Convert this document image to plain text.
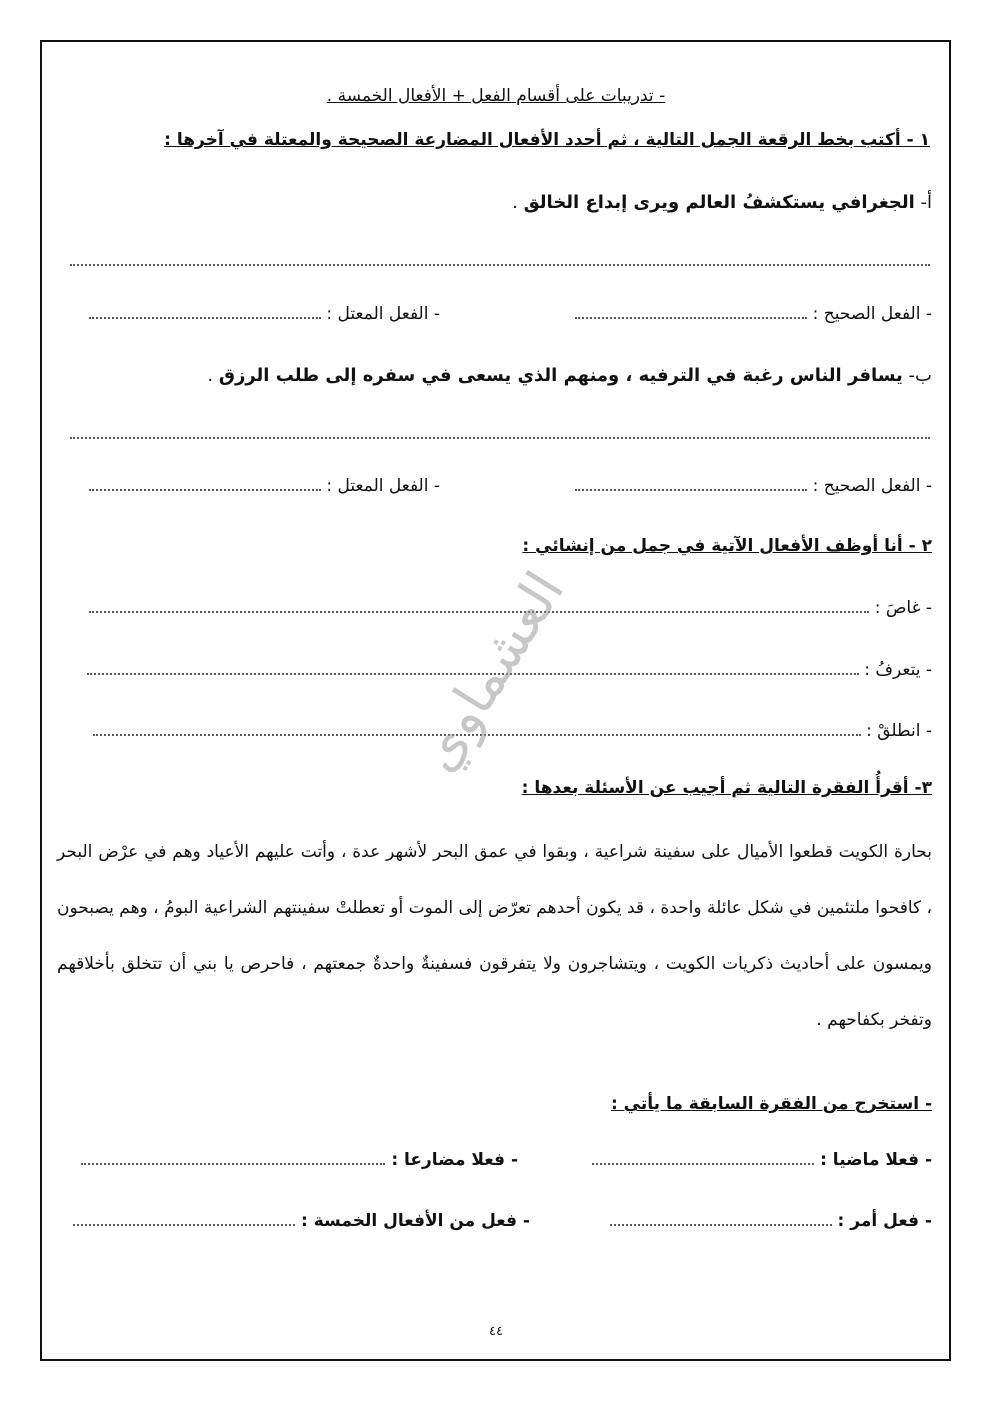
- تدريبات على أقسام الفعل + الأفعال الخمسة .
١ - أكتب بخط الرقعة الجمل التالية ، ثم أحدد الأفعال المضارعة الصحيحة والمعتلة في آخرها :
أ- الجغرافي يستكشفُ العالم ويرى إبداع الخالق .
- الفعل الصحيح :
- الفعل المعتل :
ب- يسافر الناس رغبة في الترفيه ، ومنهم الذي يسعى في سفره إلى طلب الرزق .
- الفعل الصحيح :
- الفعل المعتل :
٢ - أنا أوظف الأفعال الآتية في جمل من إنشائي :
- غاصَ :
- يتعرفُ :
- انطلقْ :
العشماوي
٣- أقرأُ الفقرة التالية ثم أجيب عن الأسئلة بعدها :
بحارة الكويت قطعوا الأميال على سفينة شراعية ، وبقوا في عمق البحر لأشهر عدة ، وأتت عليهم الأعياد وهم في عرْض البحر ، كافحوا ملتئمين في شكل عائلة واحدة ، قد يكون أحدهم تعرّض إلى الموت أو تعطلتْ سفينتهم الشراعية البومُ ، وهم يصبحون ويمسون على أحاديث ذكريات الكويت ، ويتشاجرون ولا يتفرقون فسفينةٌ واحدةٌ جمعتهم ، فاحرص يا بني أن تتخلق بأخلاقهم وتفخر بكفاحهم .
- استخرج من الفقرة السابقة ما يأتي :
- فعلا ماضيا :
- فعلا مضارعا :
- فعل أمر :
- فعل من الأفعال الخمسة :
٤٤
